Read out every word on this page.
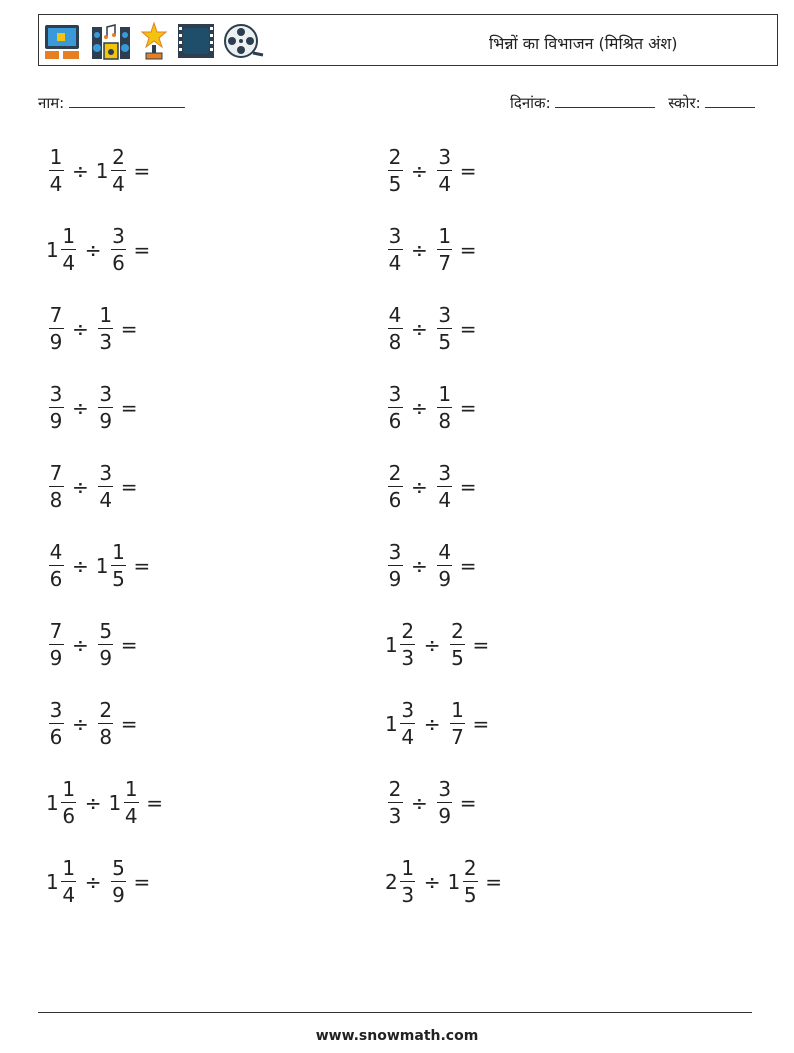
भिन्नों का विभाजन (मिश्रित अंश)
नाम:	दिनांक:	स्कोर:
$\frac{1}{4} \div 1 \frac{2}{4}$ =	$\frac{2}{5} \div \frac{3}{4}$ =
$1 \frac{1}{4} \div \frac{3}{6}$ =	$\frac{3}{4} \div \frac{1}{7}$ =
$\frac{7}{9} \div \frac{1}{3}$ =	$\frac{4}{8} \div \frac{3}{5}$ =
$\frac{3}{9} \div \frac{3}{9}$ =	$\frac{3}{6} \div \frac{1}{8}$ =
$\frac{7}{8} \div \frac{3}{4}$ =	$\frac{2}{6} \div \frac{3}{4}$ =
$\frac{4}{6} \div 1 \frac{1}{5}$ =	$\frac{3}{9} \div \frac{4}{9}$ =
$\frac{7}{9} \div \frac{5}{9}$ =	$1 \frac{2}{3} \div \frac{2}{5}$ =
$\frac{3}{6} \div \frac{2}{8}$ =	$1 \frac{3}{4} \div \frac{1}{7}$ =
$1 \frac{1}{6} \div 1 \frac{1}{4}$ =	$\frac{2}{3} \div \frac{3}{9}$ =
$1 \frac{1}{4} \div \frac{5}{9}$ =	$2 \frac{1}{3} \div 1 \frac{2}{5}$ =
www.snowmath.com
